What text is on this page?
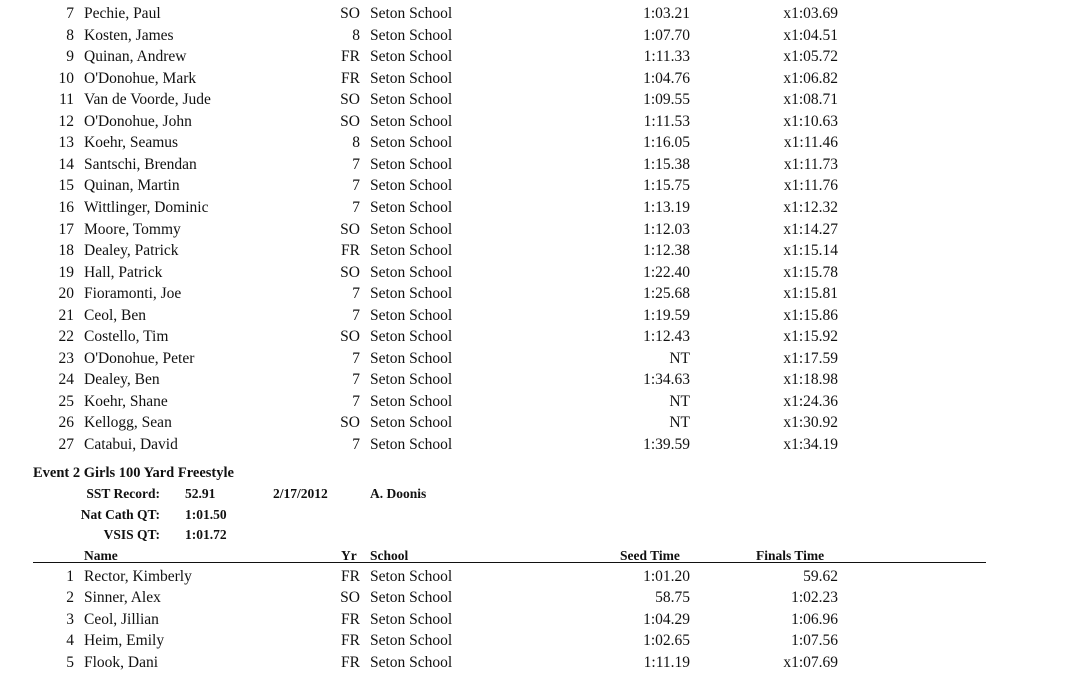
7 Pechie, Paul	SO Seton School	1:03.21	x1:03.69
8 Kosten, James	8 Seton School	1:07.70	x1:04.51
9 Quinan, Andrew	FR Seton School	1:11.33	x1:05.72
10 O'Donohue, Mark	FR Seton School	1:04.76	x1:06.82
11 Van de Voorde, Jude	SO Seton School	1:09.55	x1:08.71
12 O'Donohue, John	SO Seton School	1:11.53	x1:10.63
13 Koehr, Seamus	8 Seton School	1:16.05	x1:11.46
14 Santschi, Brendan	7 Seton School	1:15.38	x1:11.73
15 Quinan, Martin	7 Seton School	1:15.75	x1:11.76
16 Wittlinger, Dominic	7 Seton School	1:13.19	x1:12.32
17 Moore, Tommy	SO Seton School	1:12.03	x1:14.27
18 Dealey, Patrick	FR Seton School	1:12.38	x1:15.14
19 Hall, Patrick	SO Seton School	1:22.40	x1:15.78
20 Fioramonti, Joe	7 Seton School	1:25.68	x1:15.81
21 Ceol, Ben	7 Seton School	1:19.59	x1:15.86
22 Costello, Tim	SO Seton School	1:12.43	x1:15.92
23 O'Donohue, Peter	7 Seton School	NT	x1:17.59
24 Dealey, Ben	7 Seton School	1:34.63	x1:18.98
25 Koehr, Shane	7 Seton School	NT	x1:24.36
26 Kellogg, Sean	SO Seton School	NT	x1:30.92
27 Catabui, David	7 Seton School	1:39.59	x1:34.19
Event 2 Girls 100 Yard Freestyle
SST Record: 52.91	2/17/2012	A. Doonis
Nat Cath QT: 1:01.50
VSIS QT: 1:01.72
Name	Yr School	Seed Time	Finals Time
1 Rector, Kimberly	FR Seton School	1:01.20	59.62
2 Sinner, Alex	SO Seton School	58.75	1:02.23
3 Ceol, Jillian	FR Seton School	1:04.29	1:06.96
4 Heim, Emily	FR Seton School	1:02.65	1:07.56
5 Flook, Dani	FR Seton School	1:11.19	x1:07.69
